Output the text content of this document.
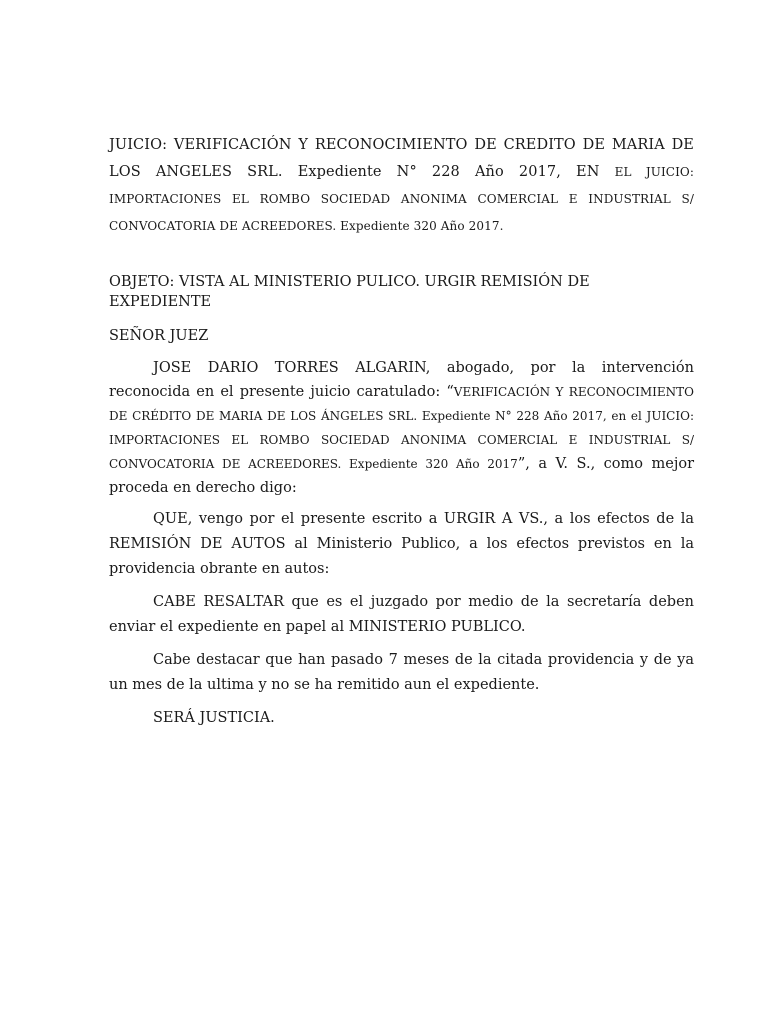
JUICIO: VERIFICACIÓN Y RECONOCIMIENTO DE CREDITO DE MARIA DE LOS ANGELES SRL. Expediente N° 228 Año 2017, EN EL JUICIO: IMPORTACIONES EL ROMBO SOCIEDAD ANONIMA COMERCIAL E INDUSTRIAL S/ CONVOCATORIA DE ACREEDORES. Expediente 320 Año 2017.
OBJETO: VISTA AL MINISTERIO PULICO. URGIR REMISIÓN DE EXPEDIENTE
SEÑOR JUEZ

JOSE DARIO TORRES ALGARIN, abogado, por la intervención reconocida en el presente juicio caratulado: “VERIFICACIÓN Y RECONOCIMIENTO DE CRÉDITO DE MARIA DE LOS ÁNGELES SRL. Expediente N° 228 Año 2017, en el JUICIO: IMPORTACIONES EL ROMBO SOCIEDAD ANONIMA COMERCIAL E INDUSTRIAL S/ CONVOCATORIA DE ACREEDORES. Expediente 320 Año 2017”, a V. S., como mejor proceda en derecho digo:

QUE, vengo por el presente escrito a URGIR A VS., a los efectos de la REMISIÓN DE AUTOS al Ministerio Publico, a los efectos previstos en la providencia obrante en autos:

CABE RESALTAR que es el juzgado por medio de la secretaría deben enviar el expediente en papel al MINISTERIO PUBLICO.

Cabe destacar que han pasado 7 meses de la citada providencia y de ya un mes de la ultima y no se ha remitido aun el expediente.

SERÁ JUSTICIA.
